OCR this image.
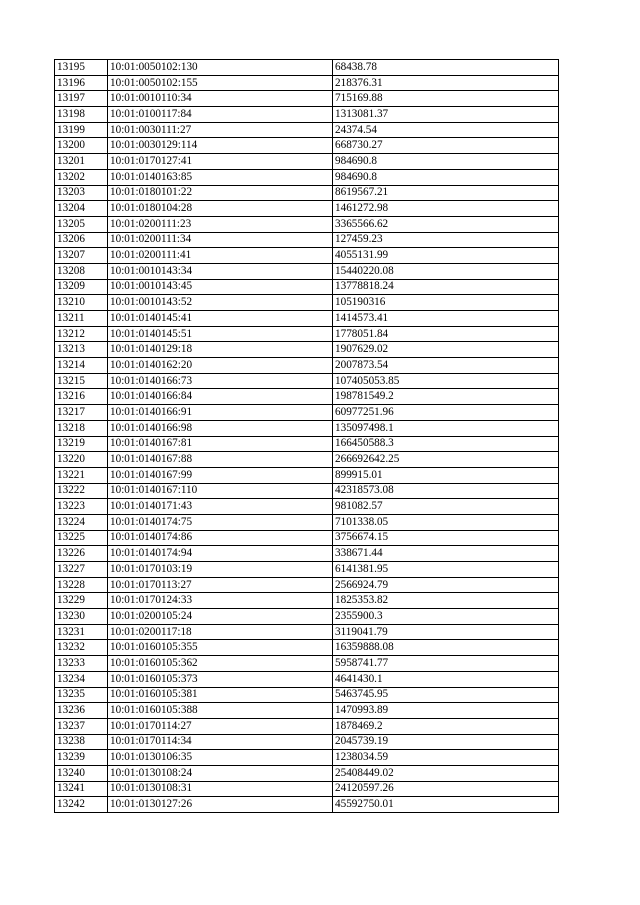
13195	10:01:0050102:130	68438.78
13196	10:01:0050102:155	218376.31
13197	10:01:0010110:34	715169.88
13198	10:01:0100117:84	1313081.37
13199	10:01:0030111:27	24374.54
13200	10:01:0030129:114	668730.27
13201	10:01:0170127:41	984690.8
13202	10:01:0140163:85	984690.8
13203	10:01:0180101:22	8619567.21
13204	10:01:0180104:28	1461272.98
13205	10:01:0200111:23	3365566.62
13206	10:01:0200111:34	127459.23
13207	10:01:0200111:41	4055131.99
13208	10:01:0010143:34	15440220.08
13209	10:01:0010143:45	13778818.24
13210	10:01:0010143:52	105190316
13211	10:01:0140145:41	1414573.41
13212	10:01:0140145:51	1778051.84
13213	10:01:0140129:18	1907629.02
13214	10:01:0140162:20	2007873.54
13215	10:01:0140166:73	107405053.85
13216	10:01:0140166:84	198781549.2
13217	10:01:0140166:91	60977251.96
13218	10:01:0140166:98	135097498.1
13219	10:01:0140167:81	166450588.3
13220	10:01:0140167:88	266692642.25
13221	10:01:0140167:99	899915.01
13222	10:01:0140167:110	42318573.08
13223	10:01:0140171:43	981082.57
13224	10:01:0140174:75	7101338.05
13225	10:01:0140174:86	3756674.15
13226	10:01:0140174:94	338671.44
13227	10:01:0170103:19	6141381.95
13228	10:01:0170113:27	2566924.79
13229	10:01:0170124:33	1825353.82
13230	10:01:0200105:24	2355900.3
13231	10:01:0200117:18	3119041.79
13232	10:01:0160105:355	16359888.08
13233	10:01:0160105:362	5958741.77
13234	10:01:0160105:373	4641430.1
13235	10:01:0160105:381	5463745.95
13236	10:01:0160105:388	1470993.89
13237	10:01:0170114:27	1878469.2
13238	10:01:0170114:34	2045739.19
13239	10:01:0130106:35	1238034.59
13240	10:01:0130108:24	25408449.02
13241	10:01:0130108:31	24120597.26
13242	10:01:0130127:26	45592750.01
